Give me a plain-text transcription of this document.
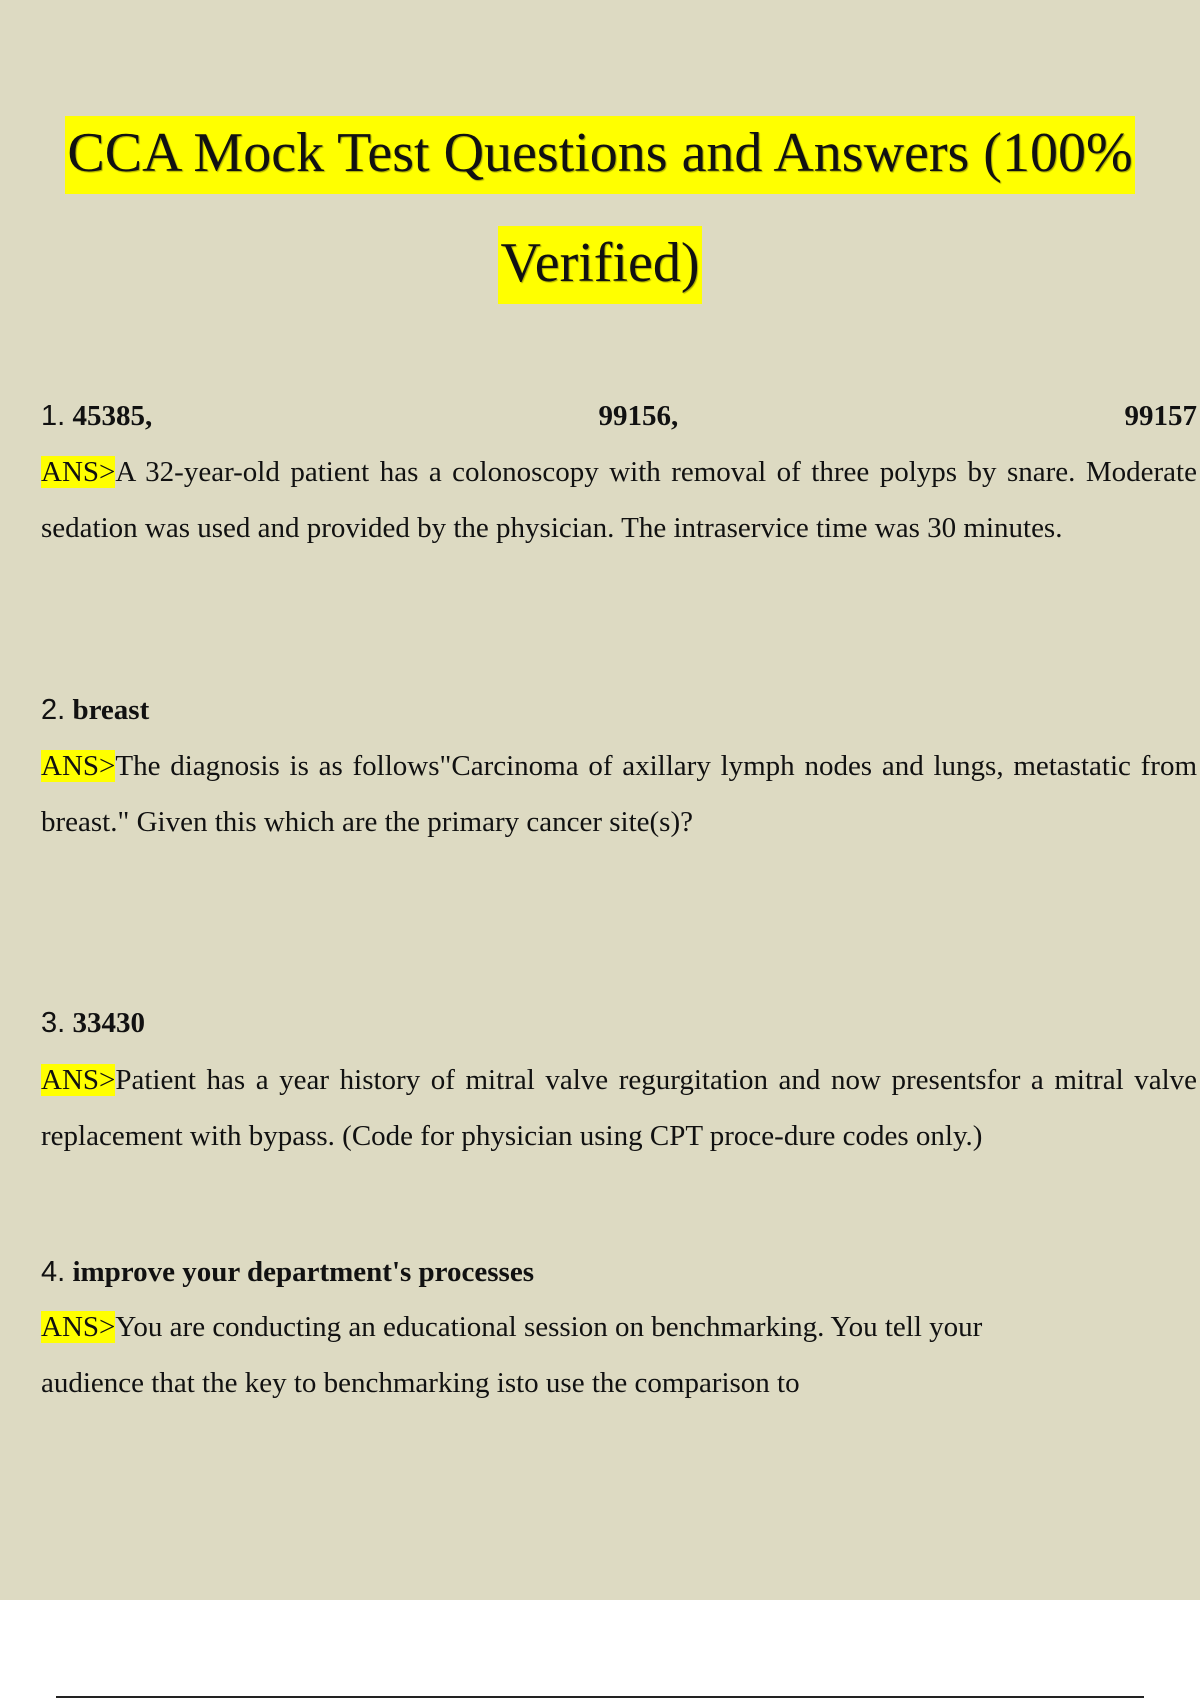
CCA Mock Test Questions and Answers (100%
Verified)
1. 45385,	99156,	99157
ANS>A 32-year-old patient has a colonoscopy with removal of three polyps by snare. Moderate sedation was used and provided by the physician. The intraservice time was 30 minutes.
2. breast
ANS>The diagnosis is as follows"Carcinoma of axillary lymph nodes and lungs, metastatic from breast." Given this which are the primary cancer site(s)?
3. 33430
ANS>Patient has a year history of mitral valve regurgitation and now presentsfor a mitral valve replacement with bypass. (Code for physician using CPT proce-dure codes only.)
4. improve your department's processes
ANS>You are conducting an educational session on benchmarking. You tell your
audience that the key to benchmarking isto use the comparison to
